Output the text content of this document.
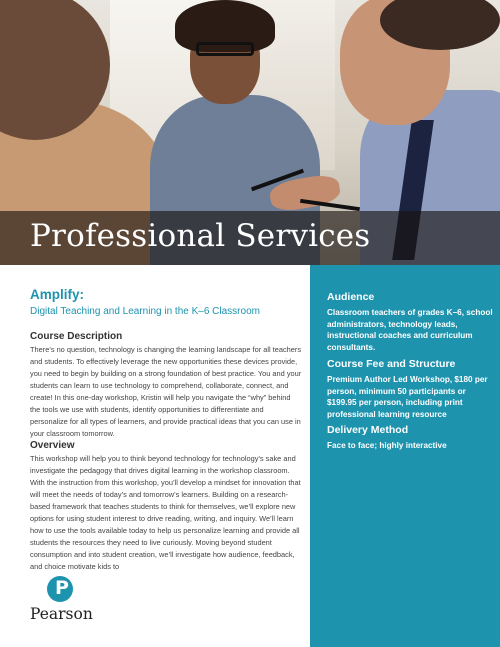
Professional Services
Amplify:
Digital Teaching and Learning in the K–6 Classroom
Course Description

There’s no question, technology is changing the learning landscape for all teachers and students. To effectively leverage the new opportunities these devices provide, you need to begin by building on a strong foundation of best practice. You and your students can learn to use technology to comprehend, collaborate, connect, and create! In this one-day workshop, Kristin will help you navigate the “why” behind the tools we use with students, identify opportunities to differentiate and personalize for all types of learners, and provide practical ideas that you can use in your classroom tomorrow.

Overview

This workshop will help you to think beyond technology for technology’s sake and investigate the pedagogy that drives digital learning in the workshop classroom. With the instruction from this workshop, you’ll develop a mindset for innovation that will meet the needs of today’s and tomorrow’s learners. Building on a research-based framework that teaches students to think for themselves, we’ll explore new options for using student interest to drive reading, writing, and inquiry. We’ll learn how to use the tools available today to help us personalize learning and provide all students the resources they need to live curiously. Moving beyond student consumption and into student creation, we’ll investigate how audience, feedback, and choice motivate kids to

P
Pearson
Audience

Classroom teachers of grades K–6, school administrators, technology leads, instructional coaches and curriculum consultants.

Course Fee and Structure

Premium Author Led Workshop, $180 per person, minimum 50 participants or $199.95 per person, including print professional learning resource

Delivery Method

Face to face; highly interactive
